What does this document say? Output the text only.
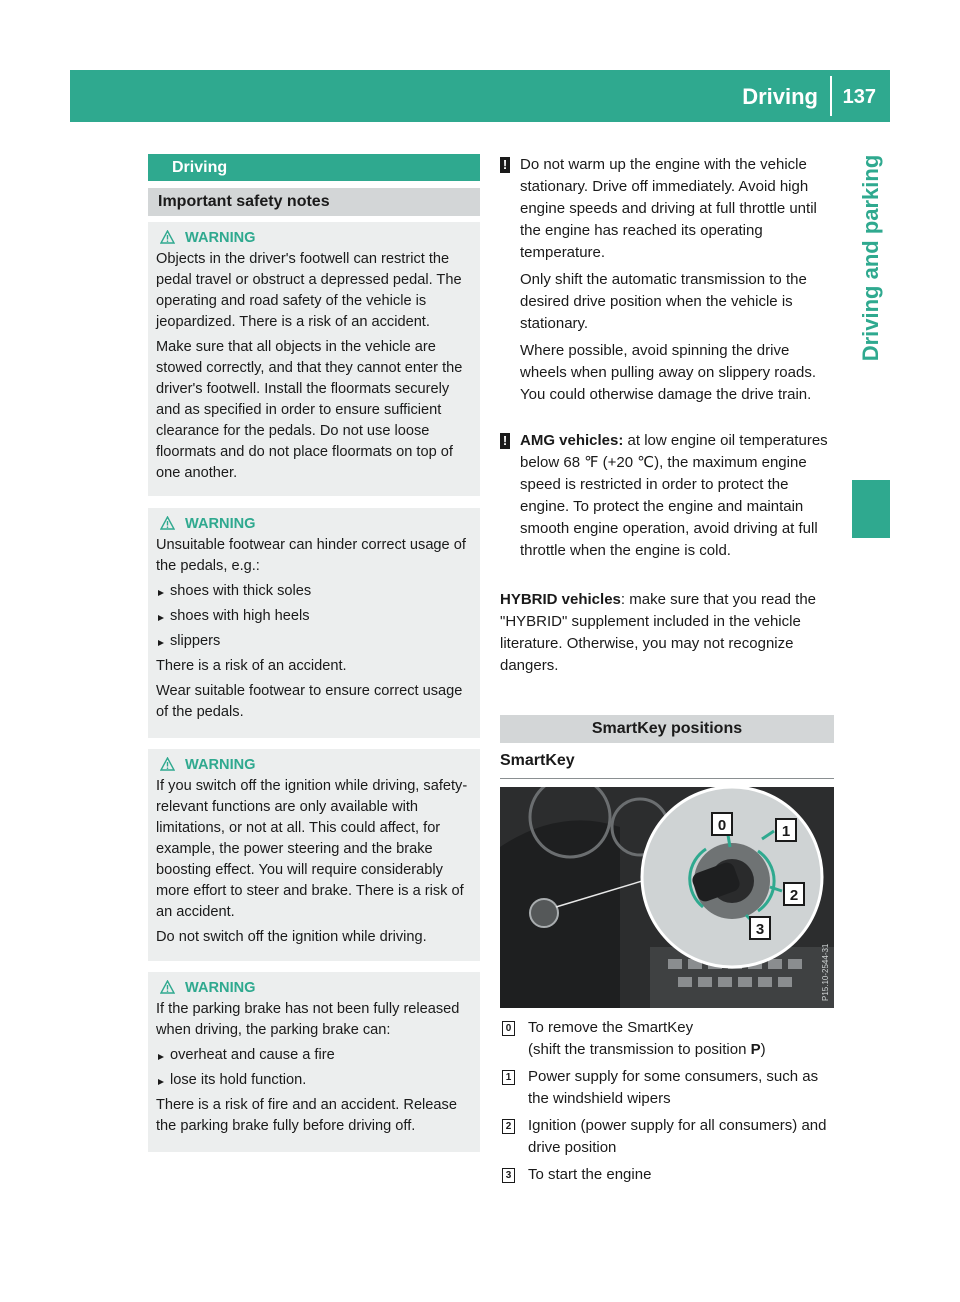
Driving 137
Driving and parking
Driving
Important safety notes
WARNING

Objects in the driver's footwell can restrict the pedal travel or obstruct a depressed pedal. The operating and road safety of the vehicle is jeopardized. There is a risk of an accident.

Make sure that all objects in the vehicle are stowed correctly, and that they cannot enter the driver's footwell. Install the floormats securely and as specified in order to ensure sufficient clearance for the pedals. Do not use loose floormats and do not place floormats on top of one another.

WARNING

Unsuitable footwear can hinder correct usage of the pedals, e.g.:

shoes with thick soles
shoes with high heels
slippers

There is a risk of an accident.

Wear suitable footwear to ensure correct usage of the pedals.

WARNING

If you switch off the ignition while driving, safety-relevant functions are only available with limitations, or not at all. This could affect, for example, the power steering and the brake boosting effect. You will require considerably more effort to steer and brake. There is a risk of an accident.

Do not switch off the ignition while driving.

WARNING

If the parking brake has not been fully released when driving, the parking brake can:

overheat and cause a fire
lose its hold function.

There is a risk of fire and an accident. Release the parking brake fully before driving off.

! Do not warm up the engine with the vehicle stationary. Drive off immediately. Avoid high engine speeds and driving at full throttle until the engine has reached its operating temperature.

Only shift the automatic transmission to the desired drive position when the vehicle is stationary.

Where possible, avoid spinning the drive wheels when pulling away on slippery roads. You could otherwise damage the drive train.

! AMG vehicles: at low engine oil temperatures below 68 ℉ (+20 ℃), the maximum engine speed is restricted in order to protect the engine. To protect the engine and maintain smooth engine operation, avoid driving at full throttle when the engine is cold.

HYBRID vehicles: make sure that you read the "HYBRID" supplement included in the vehicle literature. Otherwise, you may not recognize dangers.

SmartKey positions
SmartKey
0	1
2
3
P15.10-2544-31
0 To remove the SmartKey
(shift the transmission to position P)
1 Power supply for some consumers, such as the windshield wipers
2 Ignition (power supply for all consumers) and drive position
3 To start the engine
